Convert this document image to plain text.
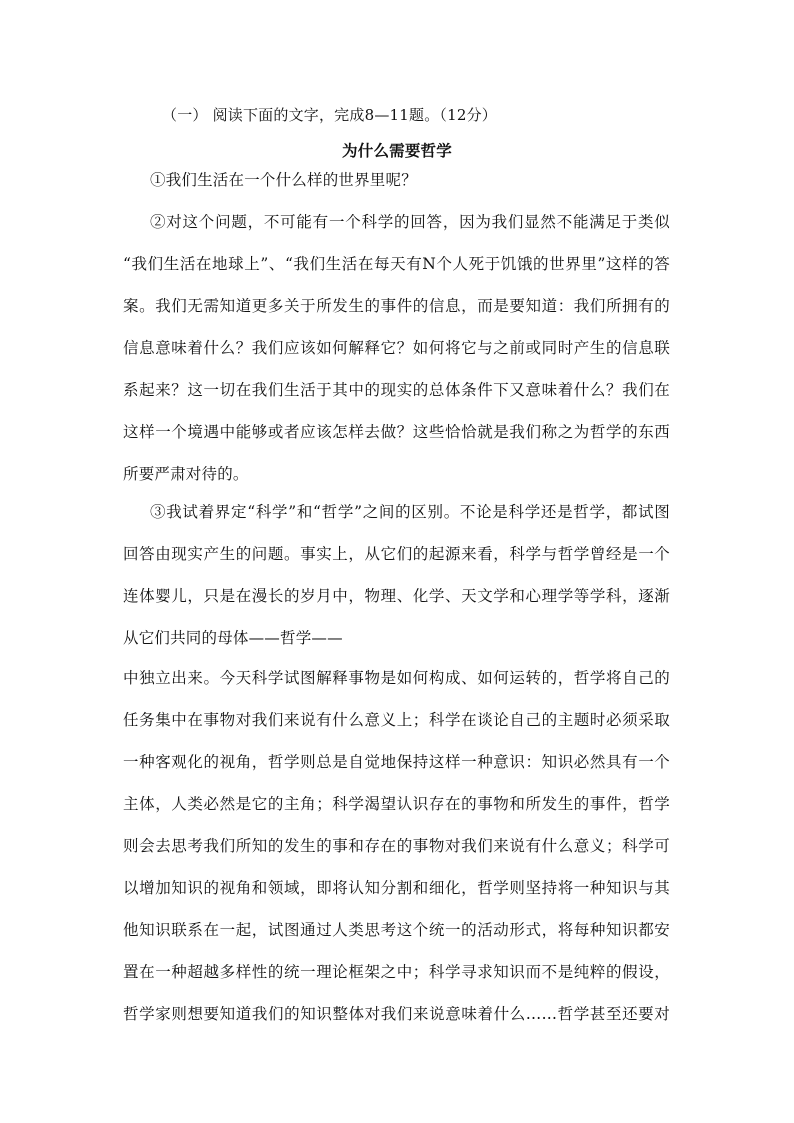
（一） 阅读下面的文字，完成8—11题。（12分）
为什么需要哲学
①我们生活在一个什么样的世界里呢？
②对这个问题，不可能有一个科学的回答，因为我们显然不能满足于类似
“我们生活在地球上”、“我们生活在每天有N个人死于饥饿的世界里”这样的答
案。我们无需知道更多关于所发生的事件的信息，而是要知道：我们所拥有的
信息意味着什么？我们应该如何解释它？如何将它与之前或同时产生的信息联
系起来？这一切在我们生活于其中的现实的总体条件下又意味着什么？我们在
这样一个境遇中能够或者应该怎样去做？这些恰恰就是我们称之为哲学的东西
所要严肃对待的。
③我试着界定“科学”和“哲学”之间的区别。不论是科学还是哲学，都试图
回答由现实产生的问题。事实上，从它们的起源来看，科学与哲学曾经是一个
连体婴儿，只是在漫长的岁月中，物理、化学、天文学和心理学等学科，逐渐
从它们共同的母体——哲学——
中独立出来。今天科学试图解释事物是如何构成、如何运转的，哲学将自己的
任务集中在事物对我们来说有什么意义上；科学在谈论自己的主题时必须采取
一种客观化的视角，哲学则总是自觉地保持这样一种意识：知识必然具有一个
主体，人类必然是它的主角；科学渴望认识存在的事物和所发生的事件，哲学
则会去思考我们所知的发生的事和存在的事物对我们来说有什么意义；科学可
以增加知识的视角和领域，即将认知分割和细化，哲学则坚持将一种知识与其
他知识联系在一起，试图通过人类思考这个统一的活动形式，将每种知识都安
置在一种超越多样性的统一理论框架之中；科学寻求知识而不是纯粹的假设，
哲学家则想要知道我们的知识整体对我们来说意味着什么……哲学甚至还要对
